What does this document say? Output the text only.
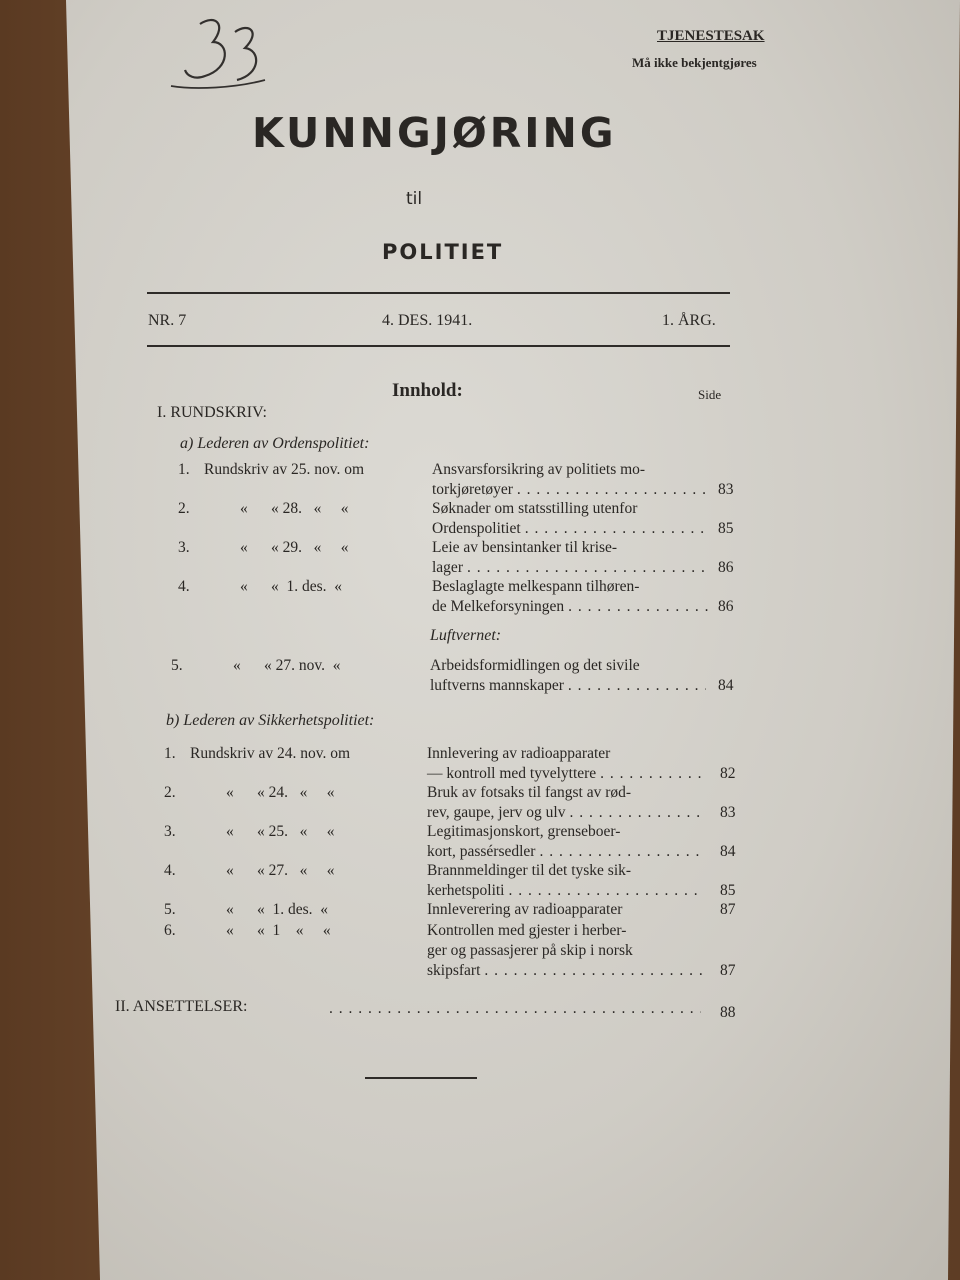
TJENESTESAK
Må ikke bekjentgjøres
KUNNGJØRING
til
POLITIET
NR. 7	4. DES. 1941.	1. ÅRG.
Innhold:	Side
I. RUNDSKRIV:
a) Lederen av Ordenspolitiet:
Luftvernet:
b) Lederen av Sikkerhetspolitiet:
1. Rundskriv av 25. nov. om	Ansvarsforsikring av politiets mo-
torkjøretøyer . . .	83
2.	«      « 28.   «     «	Søknader om statsstilling utenfor
Ordenspolitiet . . .	85
3.	«      « 29.   «     «	Leie av bensintanker til krise-
lager . . .	86
4.	«      «  1. des.  «	Beslaglagte melkespann tilhøren-
de Melkeforsyningen . . .	86
5.	«      « 27. nov.  «	Arbeidsformidlingen og det sivile
luftverns mannskaper . . .	84
1. Rundskriv av 24. nov. om	Innlevering av radioapparater
— kontroll med tyvelyttere . . .	82
2.	«      « 24.   «     «	Bruk av fotsaks til fangst av rød-
rev, gaupe, jerv og ulv . . .	83
3.	«      « 25.   «     «	Legitimasjonskort, grenseboer-
kort, passérsedler . . .	84
4.	«      « 27.   «     «	Brannmeldinger til det tyske sik-
kerhetspoliti . . .	85
5.	«      «  1. des.  «	Innleverering av radioapparater	87
6.	«      «  1    «     «	Kontrollen med gjester i herber-
ger og passasjerer på skip i norsk
skipsfart . . .	87
II. ANSETTELSER: . . .	88
